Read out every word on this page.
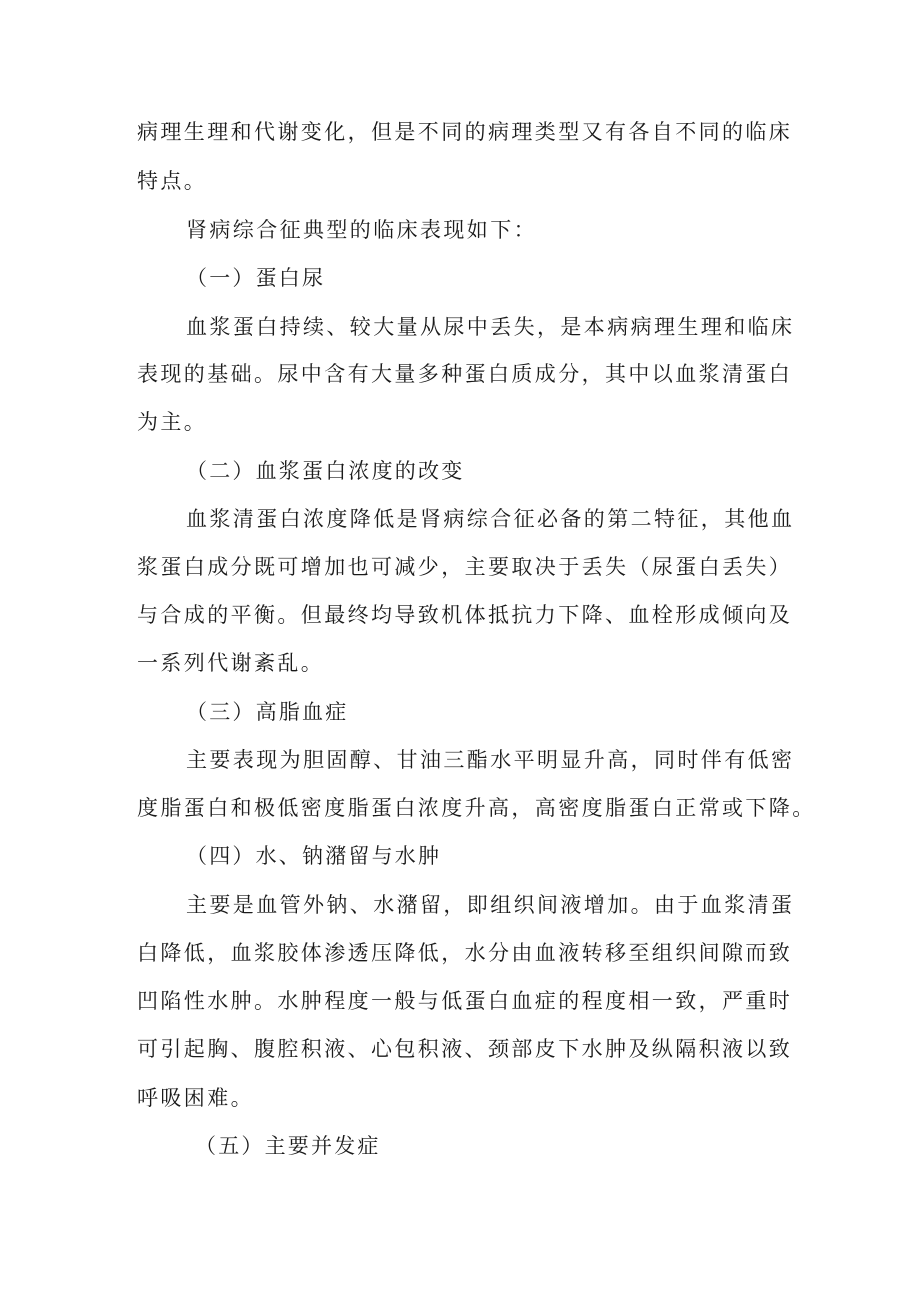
病理生理和代谢变化，但是不同的病理类型又有各自不同的临床
特点。
肾病综合征典型的临床表现如下：
（一）蛋白尿
血浆蛋白持续、较大量从尿中丢失，是本病病理生理和临床
表现的基础。尿中含有大量多种蛋白质成分，其中以血浆清蛋白
为主。
（二）血浆蛋白浓度的改变
血浆清蛋白浓度降低是肾病综合征必备的第二特征，其他血
浆蛋白成分既可增加也可减少，主要取决于丢失（尿蛋白丢失）
与合成的平衡。但最终均导致机体抵抗力下降、血栓形成倾向及
一系列代谢紊乱。
（三）高脂血症
主要表现为胆固醇、甘油三酯水平明显升高，同时伴有低密
度脂蛋白和极低密度脂蛋白浓度升高，高密度脂蛋白正常或下降。
（四）水、钠潴留与水肿
主要是血管外钠、水潴留，即组织间液增加。由于血浆清蛋
白降低，血浆胶体渗透压降低，水分由血液转移至组织间隙而致
凹陷性水肿。水肿程度一般与低蛋白血症的程度相一致，严重时
可引起胸、腹腔积液、心包积液、颈部皮下水肿及纵隔积液以致
呼吸困难。
（五）主要并发症
